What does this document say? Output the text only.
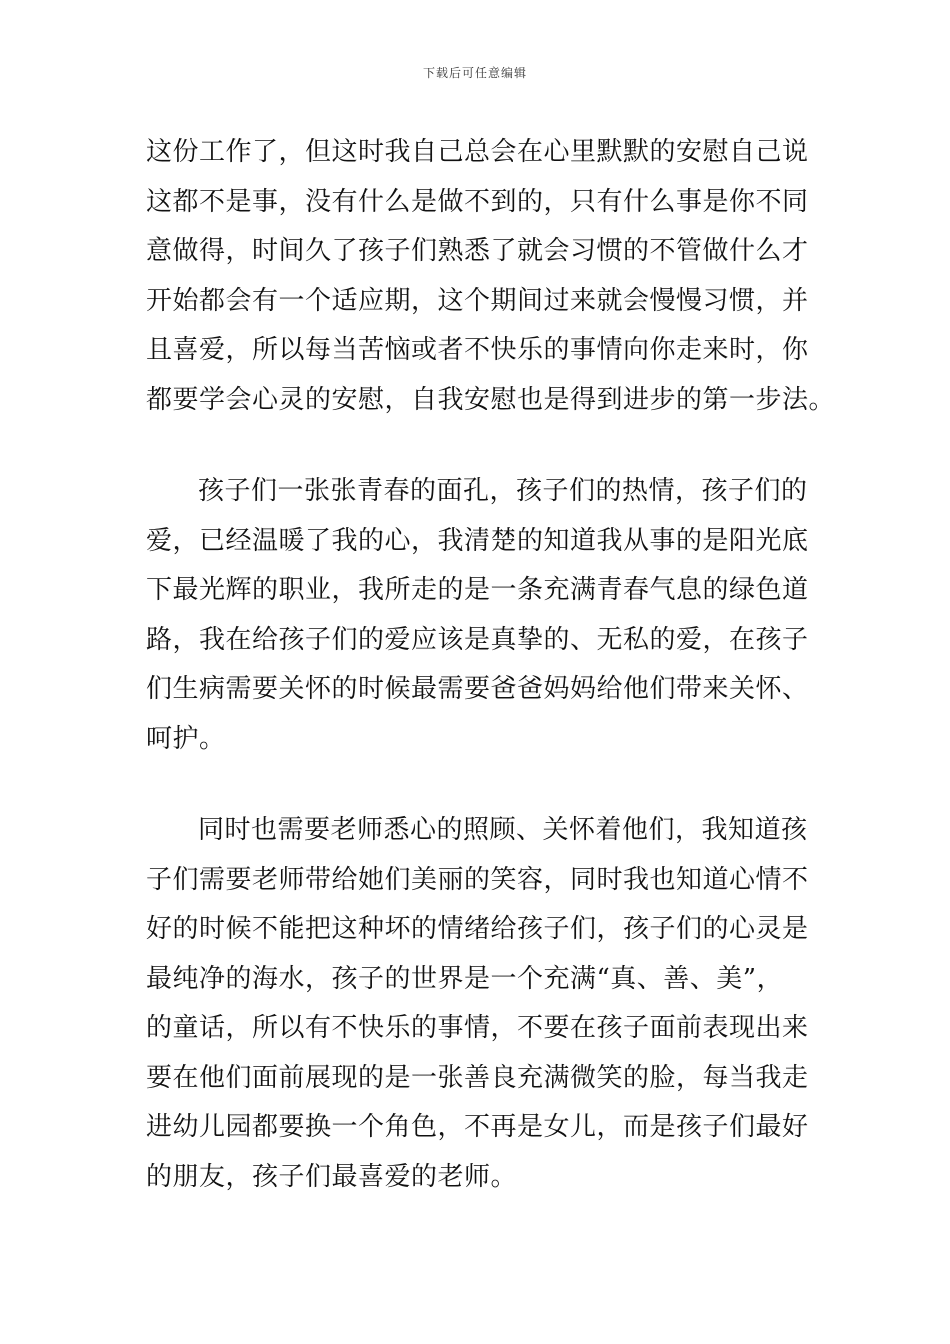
下载后可任意编辑
这份工作了，但这时我自己总会在心里默默的安慰自己说
这都不是事，没有什么是做不到的，只有什么事是你不同
意做得，时间久了孩子们熟悉了就会习惯的不管做什么才
开始都会有一个适应期，这个期间过来就会慢慢习惯，并
且喜爱，所以每当苦恼或者不快乐的事情向你走来时，你
都要学会心灵的安慰，自我安慰也是得到进步的第一步法。
孩子们一张张青春的面孔，孩子们的热情，孩子们的
爱，已经温暖了我的心，我清楚的知道我从事的是阳光底
下最光辉的职业，我所走的是一条充满青春气息的绿色道
路，我在给孩子们的爱应该是真挚的、无私的爱，在孩子
们生病需要关怀的时候最需要爸爸妈妈给他们带来关怀、
呵护。
同时也需要老师悉心的照顾、关怀着他们，我知道孩
子们需要老师带给她们美丽的笑容，同时我也知道心情不
好的时候不能把这种坏的情绪给孩子们，孩子们的心灵是
最纯净的海水，孩子的世界是一个充满“真、善、美”，
的童话，所以有不快乐的事情，不要在孩子面前表现出来
要在他们面前展现的是一张善良充满微笑的脸，每当我走
进幼儿园都要换一个角色，不再是女儿，而是孩子们最好
的朋友，孩子们最喜爱的老师。
